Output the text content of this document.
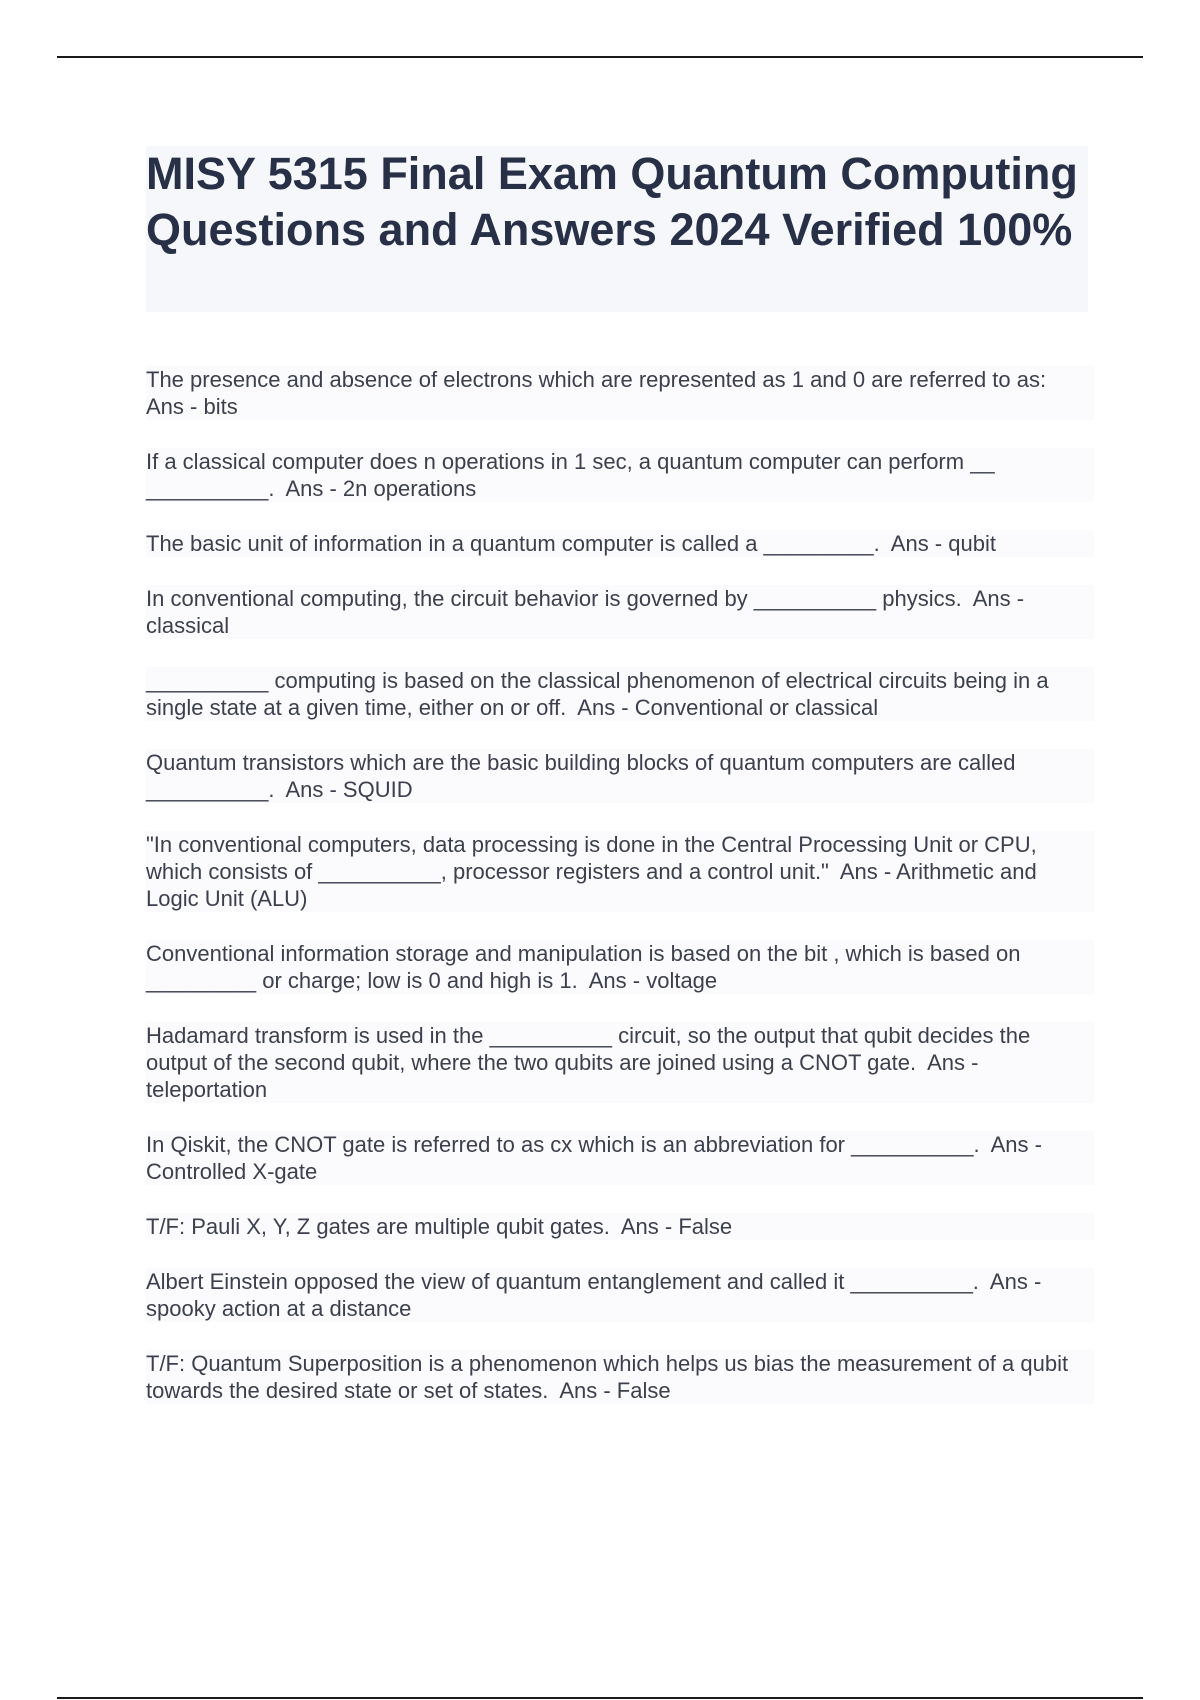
MISY 5315 Final Exam Quantum Computing Questions and Answers 2024 Verified 100%

The presence and absence of electrons which are represented as 1 and 0 are referred to as:  Ans - bits

If a classical computer does n operations in 1 sec, a quantum computer can perform __ __________.  Ans - 2n operations

The basic unit of information in a quantum computer is called a _________.  Ans - qubit

In conventional computing, the circuit behavior is governed by __________ physics.  Ans - classical

__________ computing is based on the classical phenomenon of electrical circuits being in a single state at a given time, either on or off.  Ans - Conventional or classical

Quantum transistors which are the basic building blocks of quantum computers are called __________.  Ans - SQUID

"In conventional computers, data processing is done in the Central Processing Unit or CPU, which consists of __________, processor registers and a control unit."  Ans - Arithmetic and Logic Unit (ALU)

Conventional information storage and manipulation is based on the bit , which is based on _________ or charge; low is 0 and high is 1.  Ans - voltage

Hadamard transform is used in the __________ circuit, so the output that qubit decides the output of the second qubit, where the two qubits are joined using a CNOT gate.  Ans - teleportation

In Qiskit, the CNOT gate is referred to as cx which is an abbreviation for __________.  Ans - Controlled X-gate

T/F: Pauli X, Y, Z gates are multiple qubit gates.  Ans - False

Albert Einstein opposed the view of quantum entanglement and called it __________.  Ans - spooky action at a distance

T/F: Quantum Superposition is a phenomenon which helps us bias the measurement of a qubit towards the desired state or set of states.  Ans - False
